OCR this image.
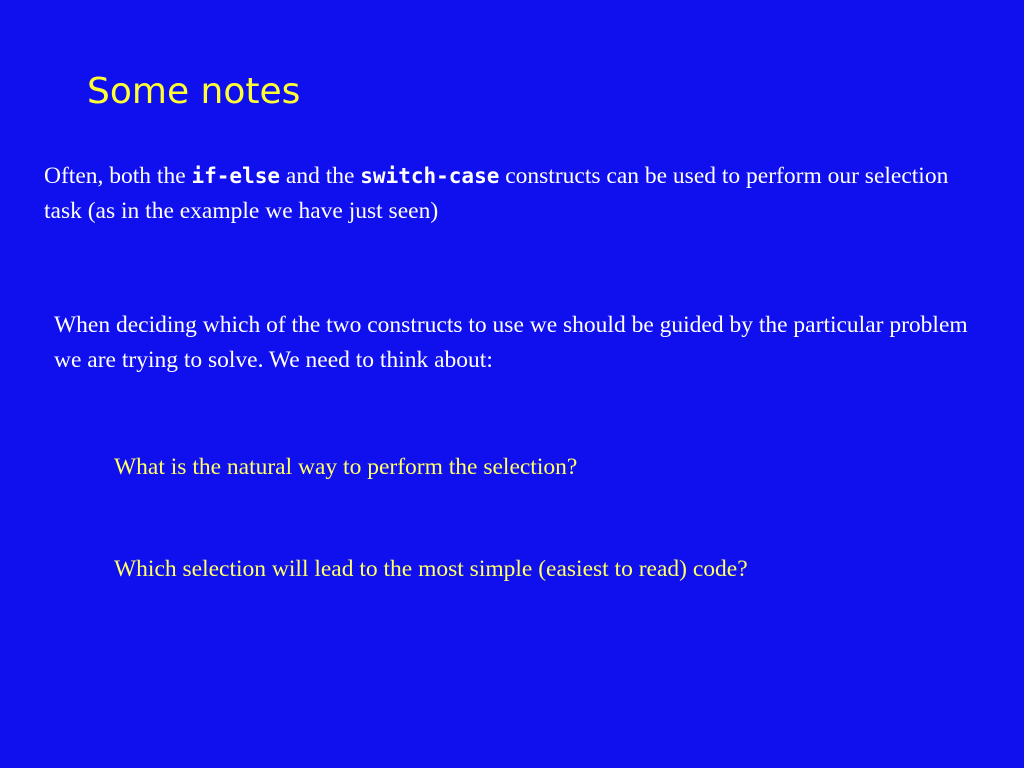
Some notes

Often, both the if-else and the switch-case constructs can be used to perform our selection task (as in the example we have just seen)

When deciding which of the two constructs to use we should be guided by the particular problem we are trying to solve. We need to think about:

What is the natural way to perform the selection?

Which selection will lead to the most simple (easiest to read) code?
